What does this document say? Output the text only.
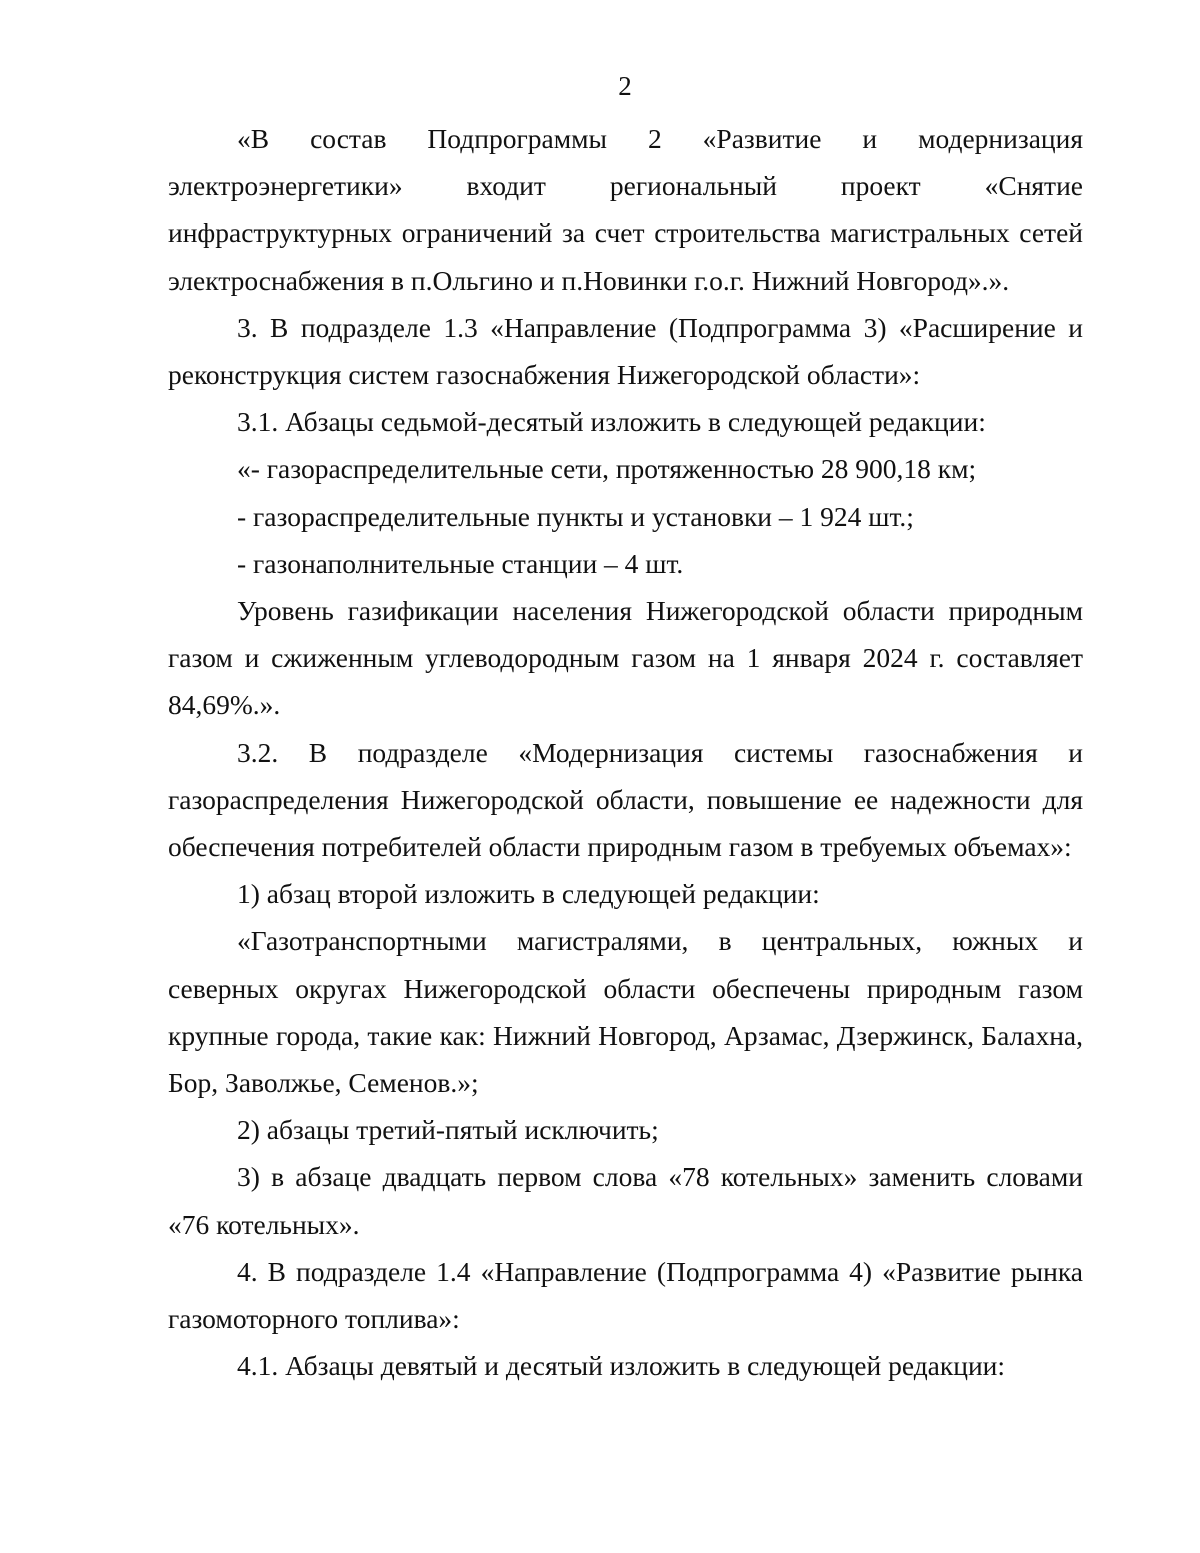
2

«В состав Подпрограммы 2 «Развитие и модернизация электроэнергетики» входит региональный проект «Снятие инфраструктурных ограничений за счет строительства магистральных сетей электроснабжения в п.Ольгино и п.Новинки г.о.г. Нижний Новгород».».

3. В подразделе 1.3 «Направление (Подпрограмма 3) «Расширение и реконструкция систем газоснабжения Нижегородской области»:

3.1. Абзацы седьмой-десятый изложить в следующей редакции:

«- газораспределительные сети, протяженностью 28 900,18 км;

- газораспределительные пункты и установки – 1 924 шт.;

- газонаполнительные станции – 4 шт.

Уровень газификации населения Нижегородской области природным газом и сжиженным углеводородным газом на 1 января 2024 г. составляет 84,69%.».

3.2. В подразделе «Модернизация системы газоснабжения и газораспределения Нижегородской области, повышение ее надежности для обеспечения потребителей области природным газом в требуемых объемах»:

1) абзац второй изложить в следующей редакции:

«Газотранспортными магистралями, в центральных, южных и северных округах Нижегородской области обеспечены природным газом крупные города, такие как: Нижний Новгород, Арзамас, Дзержинск, Балахна, Бор, Заволжье, Семенов.»;

2) абзацы третий-пятый исключить;

3) в абзаце двадцать первом слова «78 котельных» заменить словами «76 котельных».

4. В подразделе 1.4 «Направление (Подпрограмма 4) «Развитие рынка газомоторного топлива»:

4.1. Абзацы девятый и десятый изложить в следующей редакции:
